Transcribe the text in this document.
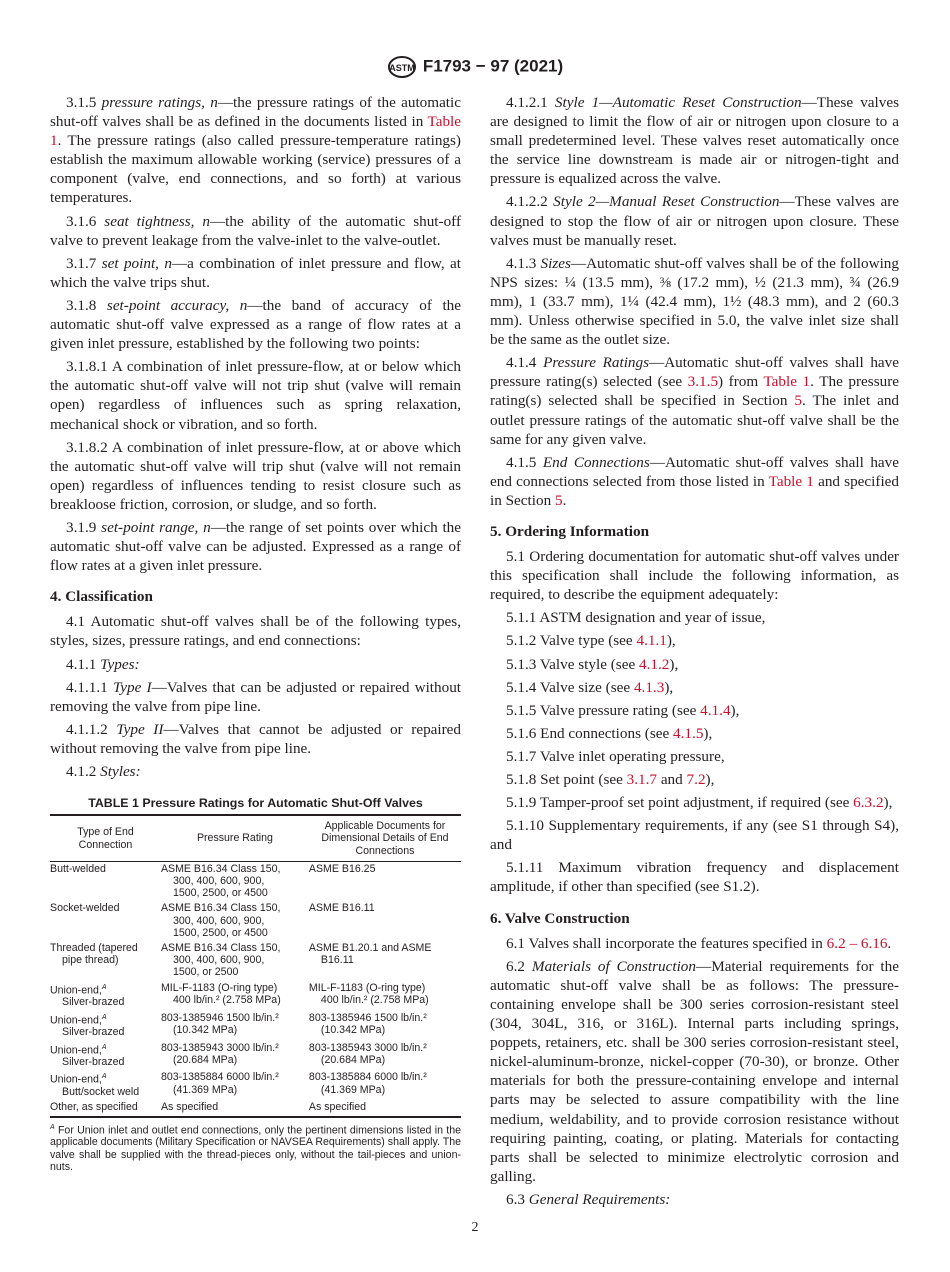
ASTM F1793 − 97 (2021)

3.1.5 pressure ratings, n—the pressure ratings of the automatic shut-off valves shall be as defined in the documents listed in Table 1. The pressure ratings (also called pressure-temperature ratings) establish the maximum allowable working (service) pressures of a component (valve, end connections, and so forth) at various temperatures.

3.1.6 seat tightness, n—the ability of the automatic shut-off valve to prevent leakage from the valve-inlet to the valve-outlet.

3.1.7 set point, n—a combination of inlet pressure and flow, at which the valve trips shut.

3.1.8 set-point accuracy, n—the band of accuracy of the automatic shut-off valve expressed as a range of flow rates at a given inlet pressure, established by the following two points:

3.1.8.1 A combination of inlet pressure-flow, at or below which the automatic shut-off valve will not trip shut (valve will remain open) regardless of influences such as spring relaxation, mechanical shock or vibration, and so forth.

3.1.8.2 A combination of inlet pressure-flow, at or above which the automatic shut-off valve will trip shut (valve will not remain open) regardless of influences tending to resist closure such as breakloose friction, corrosion, or sludge, and so forth.

3.1.9 set-point range, n—the range of set points over which the automatic shut-off valve can be adjusted. Expressed as a range of flow rates at a given inlet pressure.

4. Classification

4.1 Automatic shut-off valves shall be of the following types, styles, sizes, pressure ratings, and end connections:

4.1.1 Types:

4.1.1.1 Type I—Valves that can be adjusted or repaired without removing the valve from pipe line.

4.1.1.2 Type II—Valves that cannot be adjusted or repaired without removing the valve from pipe line.

4.1.2 Styles:

4.1.2.1 Style 1—Automatic Reset Construction—These valves are designed to limit the flow of air or nitrogen upon closure to a small predetermined level. These valves reset automatically once the service line downstream is made air or nitrogen-tight and pressure is equalized across the valve.

4.1.2.2 Style 2—Manual Reset Construction—These valves are designed to stop the flow of air or nitrogen upon closure. These valves must be manually reset.

4.1.3 Sizes—Automatic shut-off valves shall be of the following NPS sizes: ¼ (13.5 mm), ⅜ (17.2 mm), ½ (21.3 mm), ¾ (26.9 mm), 1 (33.7 mm), 1¼ (42.4 mm), 1½ (48.3 mm), and 2 (60.3 mm). Unless otherwise specified in 5.0, the valve inlet size shall be the same as the outlet size.

4.1.4 Pressure Ratings—Automatic shut-off valves shall have pressure rating(s) selected (see 3.1.5) from Table 1. The pressure rating(s) selected shall be specified in Section 5. The inlet and outlet pressure ratings of the automatic shut-off valve shall be the same for any given valve.

4.1.5 End Connections—Automatic shut-off valves shall have end connections selected from those listed in Table 1 and specified in Section 5.

5. Ordering Information

5.1 Ordering documentation for automatic shut-off valves under this specification shall include the following information, as required, to describe the equipment adequately:

5.1.1 ASTM designation and year of issue,

5.1.2 Valve type (see 4.1.1),

5.1.3 Valve style (see 4.1.2),

5.1.4 Valve size (see 4.1.3),

5.1.5 Valve pressure rating (see 4.1.4),

5.1.6 End connections (see 4.1.5),

5.1.7 Valve inlet operating pressure,

5.1.8 Set point (see 3.1.7 and 7.2),

5.1.9 Tamper-proof set point adjustment, if required (see 6.3.2),

5.1.10 Supplementary requirements, if any (see S1 through S4), and

5.1.11 Maximum vibration frequency and displacement amplitude, if other than specified (see S1.2).

6. Valve Construction

6.1 Valves shall incorporate the features specified in 6.2 – 6.16.

6.2 Materials of Construction—Material requirements for the automatic shut-off valve shall be as follows: The pressure-containing envelope shall be 300 series corrosion-resistant steel (304, 304L, 316, or 316L). Internal parts including springs, poppets, retainers, etc. shall be 300 series corrosion-resistant steel, nickel-aluminum-bronze, nickel-copper (70-30), or bronze. Other materials for both the pressure-containing envelope and internal parts may be selected to assure compatibility with the line medium, weldability, and to provide corrosion resistance without requiring painting, coating, or plating. Materials for contacting parts shall be selected to minimize electrolytic corrosion and galling.

6.3 General Requirements:

TABLE 1 Pressure Ratings for Automatic Shut-Off Valves
Type of End Connection	Pressure Rating	Applicable Documents for Dimensional Details of End Connections

Butt-welded	ASME B16.34 Class 150,
300, 400, 600, 900,
1500, 2500, or 4500	ASME B16.25

Socket-welded	ASME B16.34 Class 150,
300, 400, 600, 900,
1500, 2500, or 4500	ASME B16.11

Threaded (tapered
pipe thread)	ASME B16.34 Class 150,
300, 400, 600, 900,
1500, or 2500	ASME B1.20.1 and ASME
B16.11

Union-end,$^A$
Silver-brazed	MIL-F-1183 (O-ring type)
400 lb/in.² (2.758 MPa)	MIL-F-1183 (O-ring type)
400 lb/in.² (2.758 MPa)

Union-end,$^A$
Silver-brazed	803-1385946 1500 lb/in.²
(10.342 MPa)	803-1385946 1500 lb/in.²
(10.342 MPa)

Union-end,$^A$
Silver-brazed	803-1385943 3000 lb/in.²
(20.684 MPa)	803-1385943 3000 lb/in.²
(20.684 MPa)

Union-end,$^A$
Butt/socket weld	803-1385884 6000 lb/in.²
(41.369 MPa)	803-1385884 6000 lb/in.²
(41.369 MPa)

Other, as specified	As specified	As specified
$^A$ For Union inlet and outlet end connections, only the pertinent dimensions listed in the applicable documents (Military Specification or NAVSEA Requirements) shall apply. The valve shall be supplied with the thread-pieces only, without the tail-pieces and union-nuts.
2
